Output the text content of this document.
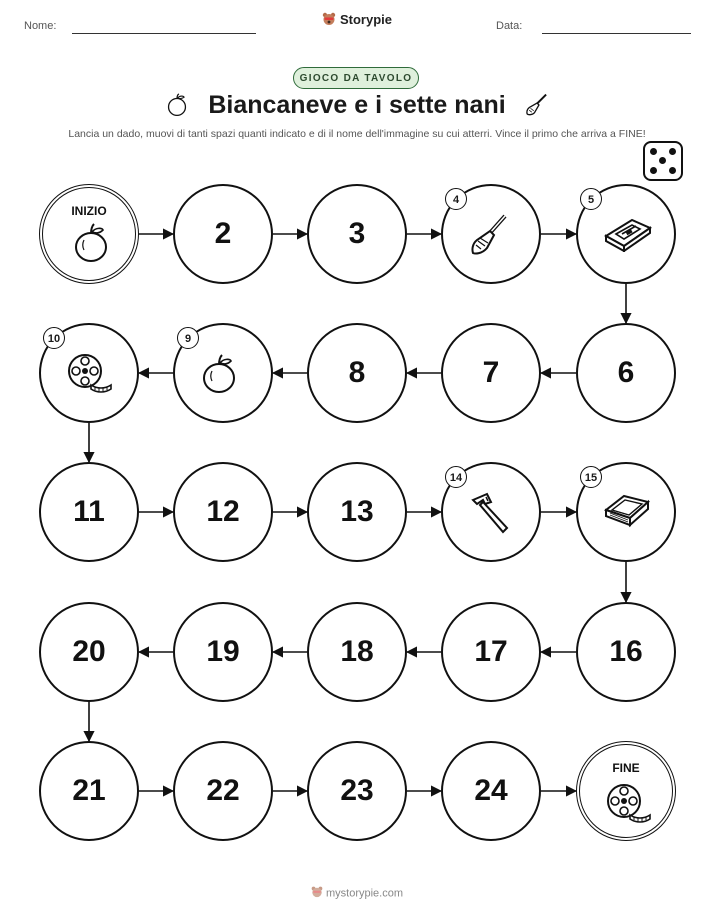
Nome:	Storypie	Data:
GIOCO DA TAVOLO
Biancaneve e i sette nani
Lancia un dado, muovi di tanti spazi quanti indicato e di il nome dell'immagine su cui atterri. Vince il primo che arriva a FINE!
INIZIO
2	3
4	5
6
7
8
9
10
11	12	13
14	15
16
17
18
19
20
21	22	23	24
FINE
mystorypie.com
